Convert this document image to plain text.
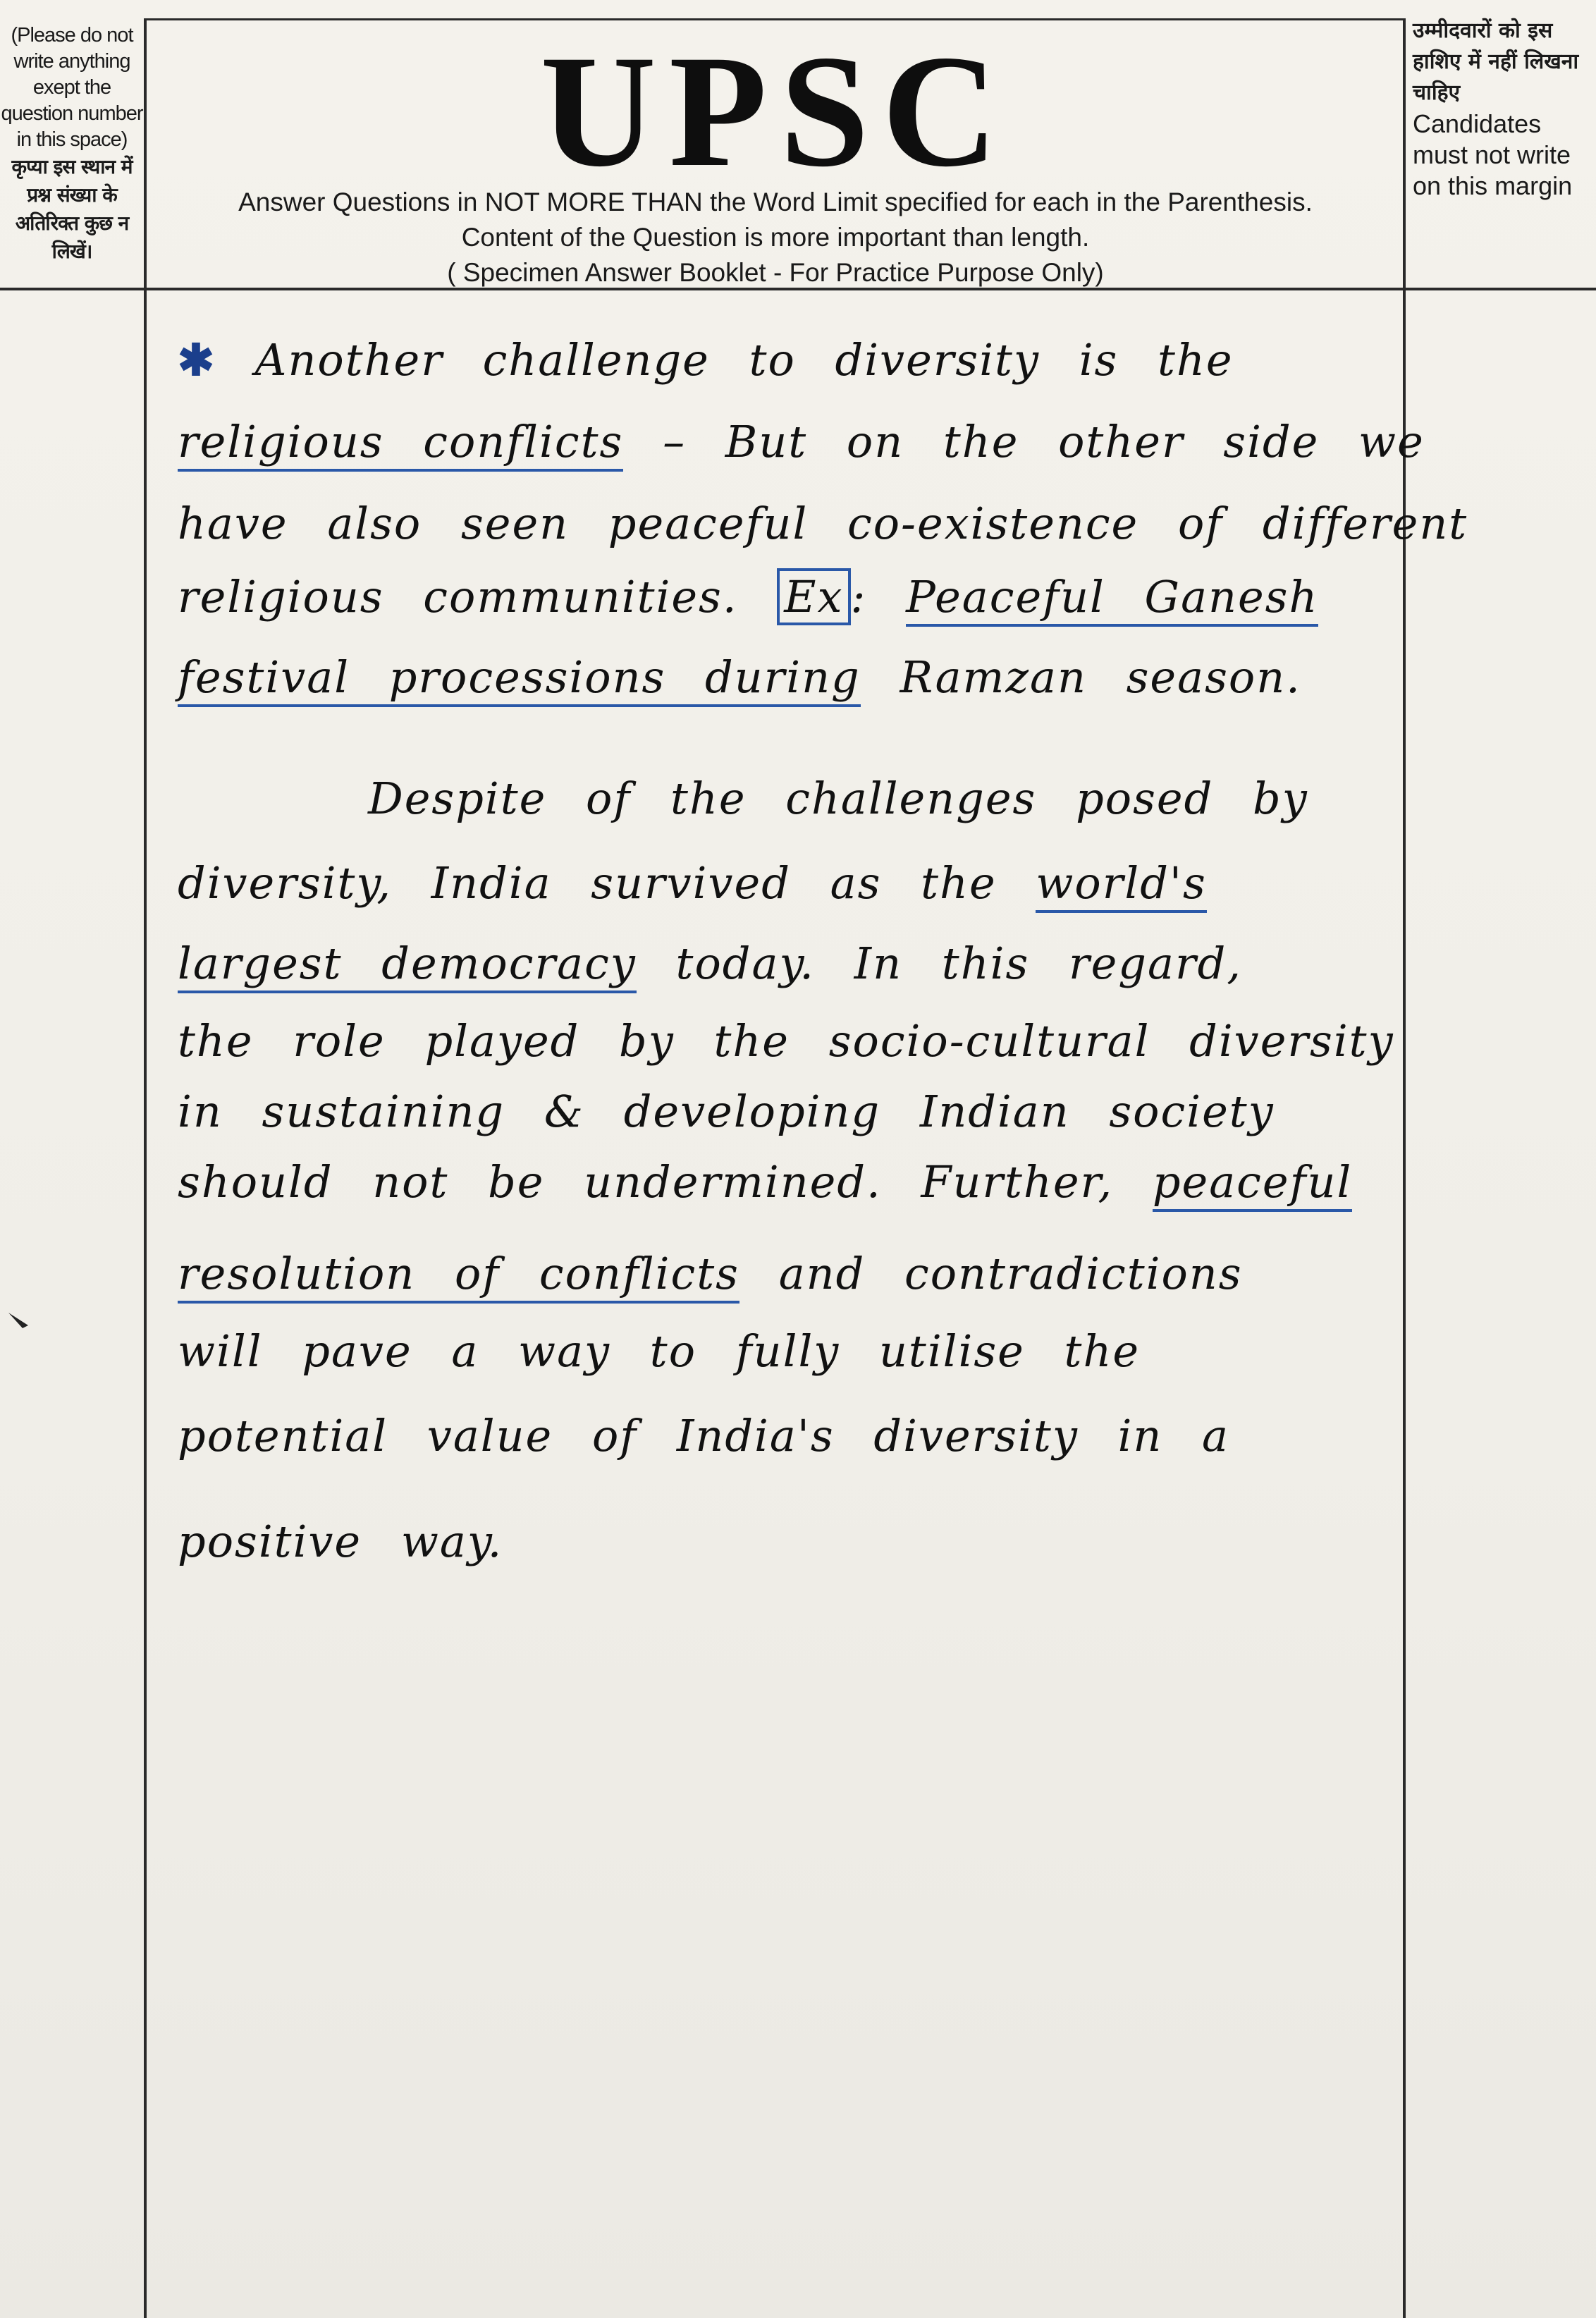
(Please do not write anything exept the question number in this space)
कृप्या इस स्थान में प्रश्न संख्या के अतिरिक्त कुछ न लिखें।
उम्मीदवारों को इस हाशिए में नहीं लिखना चाहिए
Candidates must not write on this margin
UPSC
Answer Questions in NOT MORE THAN the Word Limit specified for each in the Parenthesis.
Content of the Question is more important than length.
( Specimen Answer Booklet - For Practice Purpose Only)
✱ Another challenge to diversity is the
religious conflicts – But on the other side we
have also seen peaceful co-existence of different
religious communities. Ex : Peaceful Ganesh
festival processions during Ramzan season.
Despite of the challenges posed by
diversity, India survived as the world's
largest democracy today. In this regard,
the role played by the socio-cultural diversity
in sustaining & developing Indian society
should not be undermined. Further, peaceful
resolution of conflicts and contradictions
will pave a way to fully utilise the
potential value of India's diversity in a
positive way.
